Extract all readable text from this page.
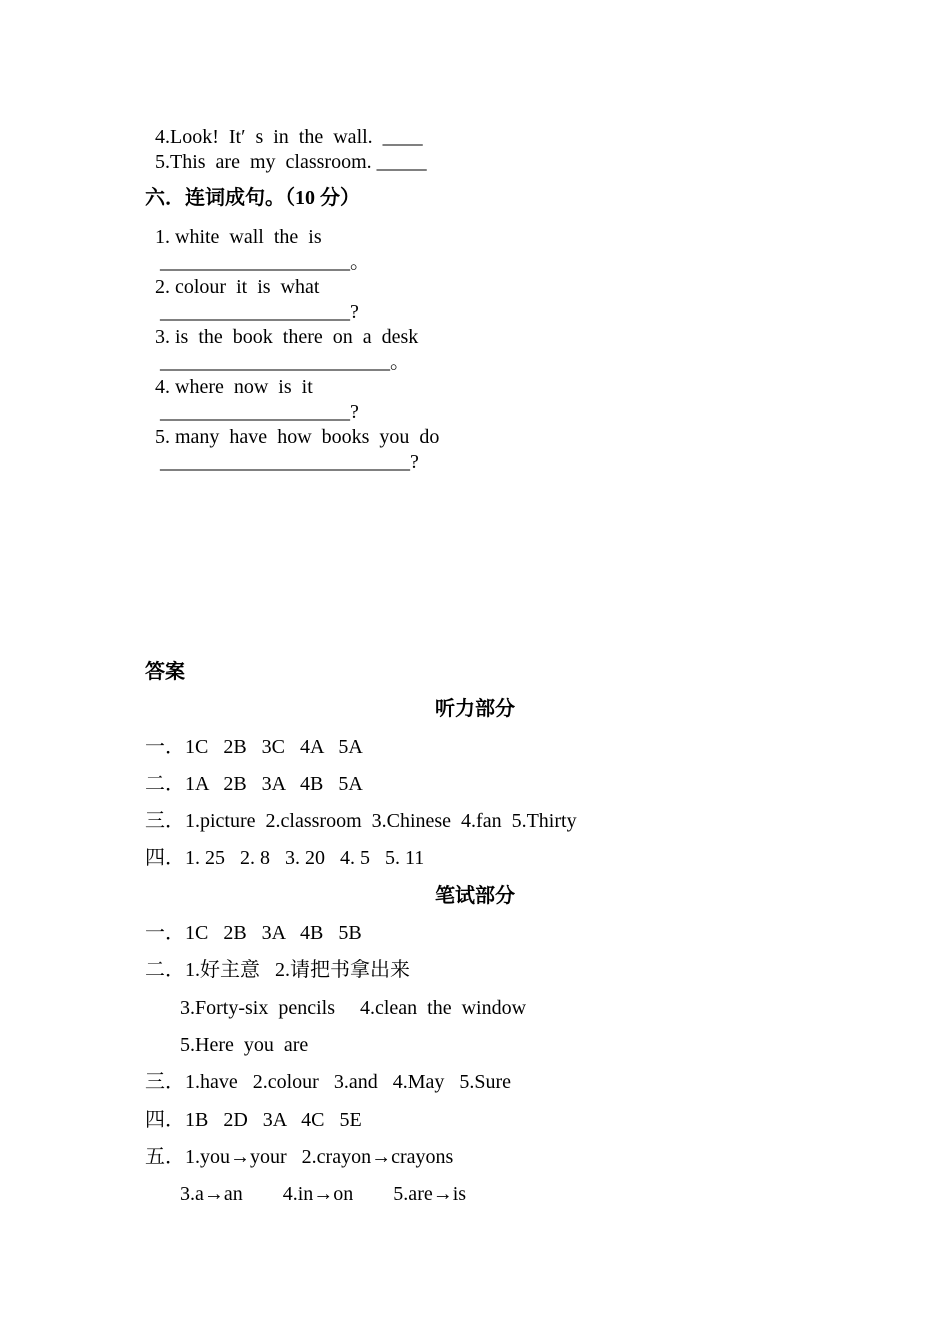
4.Look!  It′  s  in  the  wall.  ____
5.This  are  my  classroom. _____
六．连词成句。（10 分）
1. white  wall  the  is
___________________。
2. colour  it  is  what
___________________?
3. is  the  book  there  on  a  desk
_______________________。
4. where  now  is  it
___________________?
5. many  have  how  books  you  do
_________________________?
答案
听力部分
一．1C   2B   3C   4A   5A
二．1A   2B   3A   4B   5A
三．1.picture  2.classroom  3.Chinese  4.fan  5.Thirty
四．1. 25   2. 8   3. 20   4. 5   5. 11
笔试部分
一．1C   2B   3A   4B   5B
二．1.好主意   2.请把书拿出来
3.Forty-six  pencils     4.clean  the  window
5.Here  you  are
三．1.have   2.colour   3.and   4.May   5.Sure
四．1B   2D   3A   4C   5E
五．1.you→your   2.crayon→crayons
3.a→an        4.in→on        5.are→is
